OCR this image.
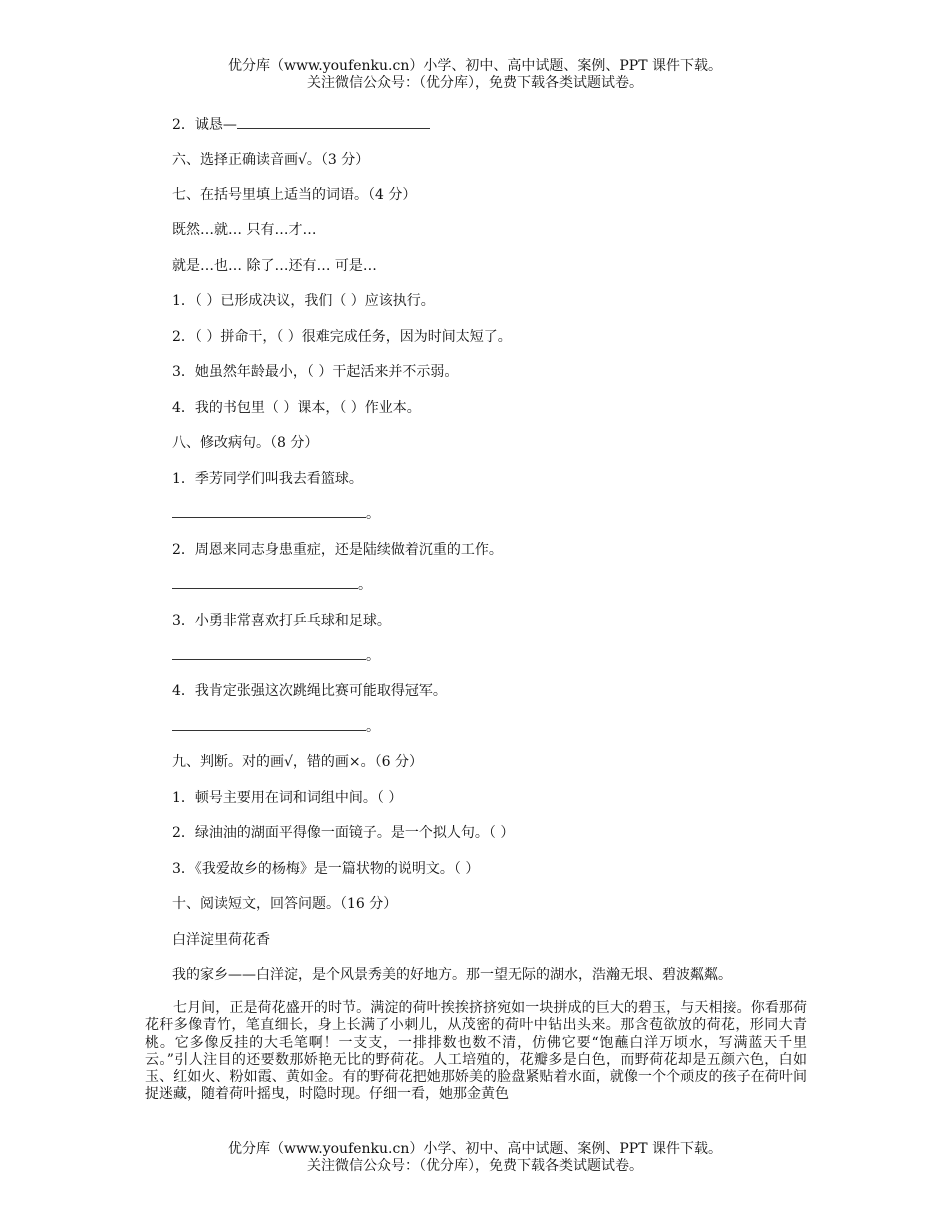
优分库（www.youfenku.cn）小学、初中、高中试题、案例、PPT 课件下载。
关注微信公众号：（优分库），免费下载各类试题试卷。
2．诚恳—
六、选择正确读音画√。（3 分）
七、在括号里填上适当的词语。（4 分）
既然…就… 只有…才…
就是…也… 除了…还有… 可是…
1．（ ）已形成决议，我们（ ）应该执行。
2．（ ）拼命干，（ ）很难完成任务，因为时间太短了。
3．她虽然年龄最小，（ ）干起活来并不示弱。
4．我的书包里（ ）课本，（ ）作业本。
八、修改病句。（8 分）
1．季芳同学们叫我去看篮球。
。
2．周恩来同志身患重症，还是陆续做着沉重的工作。
。
3．小勇非常喜欢打乒乓球和足球。
。
4．我肯定张强这次跳绳比赛可能取得冠军。
。
九、判断。对的画√，错的画×。（6 分）
1．顿号主要用在词和词组中间。（ ）
2．绿油油的湖面平得像一面镜子。是一个拟人句。（ ）
3．《我爱故乡的杨梅》是一篇状物的说明文。（ ）
十、阅读短文，回答问题。（16 分）
白洋淀里荷花香
我的家乡——白洋淀，是个风景秀美的好地方。那一望无际的湖水，浩瀚无垠、碧波粼粼。
七月间，正是荷花盛开的时节。满淀的荷叶挨挨挤挤宛如一块拼成的巨大的碧玉，与天相接。你看那荷花秆多像青竹，笔直细长，身上长满了小刺儿，从茂密的荷叶中钻出头来。那含苞欲放的荷花，形同大青桃。它多像反挂的大毛笔啊！一支支，一排排数也数不清，仿佛它要“饱蘸白洋万顷水，写满蓝天千里云。”引人注目的还要数那娇艳无比的野荷花。人工培殖的，花瓣多是白色，而野荷花却是五颜六色，白如玉、红如火、粉如霞、黄如金。有的野荷花把她那娇美的脸盘紧贴着水面，就像一个个顽皮的孩子在荷叶间捉迷藏，随着荷叶摇曳，时隐时现。仔细一看，她那金黄色
优分库（www.youfenku.cn）小学、初中、高中试题、案例、PPT 课件下载。
关注微信公众号：（优分库），免费下载各类试题试卷。
